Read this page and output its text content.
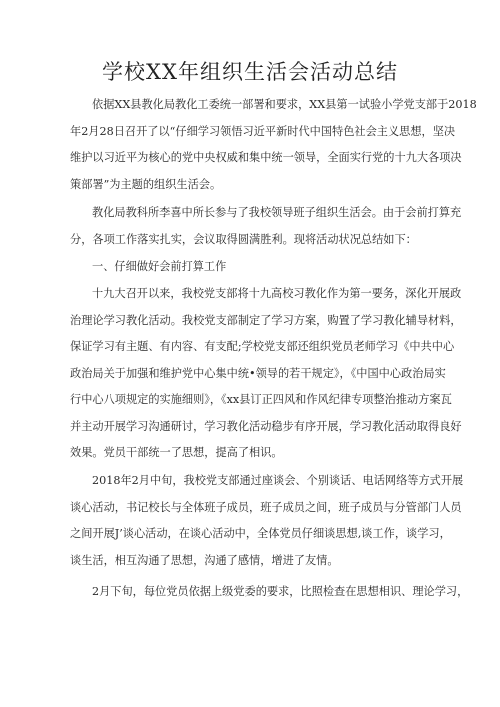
学校XX年组织生活会活动总结
依据XX县教化局教化工委统一部署和要求，XX县第一试验小学党支部于2018
年2月28日召开了以“仔细学习领悟习近平新时代中国特色社会主义思想，坚决
维护以习近平为核心的党中央权威和集中统一领导，全面实行党的十九大各项决
策部署”为主题的组织生活会。
教化局教科所李喜中所长参与了我校领导班子组织生活会。由于会前打算充
分，各项工作落实扎实，会议取得圆满胜利。现将活动状况总结如下：
一、仔细做好会前打算工作
十九大召开以来，我校党支部将十九高校习教化作为第一要务，深化开展政
治理论学习教化活动。我校党支部制定了学习方案，购置了学习教化辅导材料，
保证学习有主题、有内容、有支配;学校党支部还组织党员老师学习《中共中心
政治局关于加强和维护党中心集中统•领导的若干规定》，《中国中心政治局实
行中心八项规定的实施细则》，《xx县订正四风和作风纪律专项整治推动方案瓦
并主动开展学习沟通研讨，学习教化活动稳步有序开展，学习教化活动取得良好
效果。党员干部统一了思想，提高了相识。
2018年2月中旬，我校党支部通过座谈会、个别谈话、电话网络等方式开展
谈心活动，书记校长与全体班子成员，班子成员之间，班子成员与分管部门人员
之间开展J’谈心活动，在谈心活动中，全体党员仔细谈思想,谈工作，谈学习，
谈生活，相互沟通了思想，沟通了感情，增进了友情。
2月下旬，每位党员依据上级党委的要求，比照检查在思想相识、理论学习，
